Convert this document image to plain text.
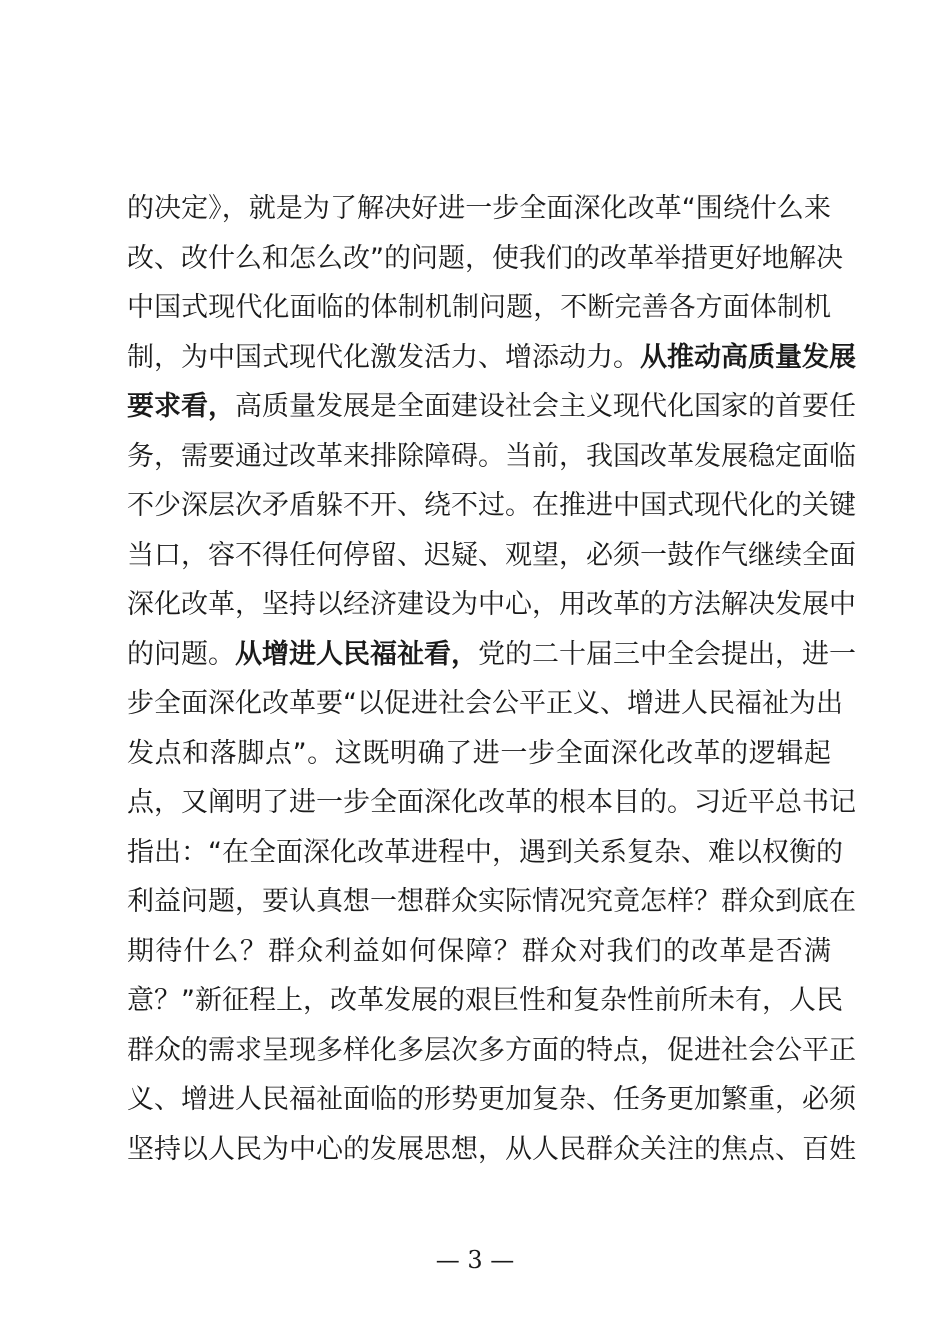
的决定》，就是为了解决好进一步全面深化改革“围绕什么来
改、改什么和怎么改”的问题，使我们的改革举措更好地解决
中国式现代化面临的体制机制问题，不断完善各方面体制机
制，为中国式现代化激发活力、增添动力。从推动高质量发展
要求看，高质量发展是全面建设社会主义现代化国家的首要任
务，需要通过改革来排除障碍。当前，我国改革发展稳定面临
不少深层次矛盾躲不开、绕不过。在推进中国式现代化的关键
当口，容不得任何停留、迟疑、观望，必须一鼓作气继续全面
深化改革，坚持以经济建设为中心，用改革的方法解决发展中
的问题。从增进人民福祉看，党的二十届三中全会提出，进一
步全面深化改革要“以促进社会公平正义、增进人民福祉为出
发点和落脚点”。这既明确了进一步全面深化改革的逻辑起
点，又阐明了进一步全面深化改革的根本目的。习近平总书记
指出：“在全面深化改革进程中，遇到关系复杂、难以权衡的
利益问题，要认真想一想群众实际情况究竟怎样？群众到底在
期待什么？群众利益如何保障？群众对我们的改革是否满
意？”新征程上，改革发展的艰巨性和复杂性前所未有，人民
群众的需求呈现多样化多层次多方面的特点，促进社会公平正
义、增进人民福祉面临的形势更加复杂、任务更加繁重，必须
坚持以人民为中心的发展思想，从人民群众关注的焦点、百姓
— 3 —
